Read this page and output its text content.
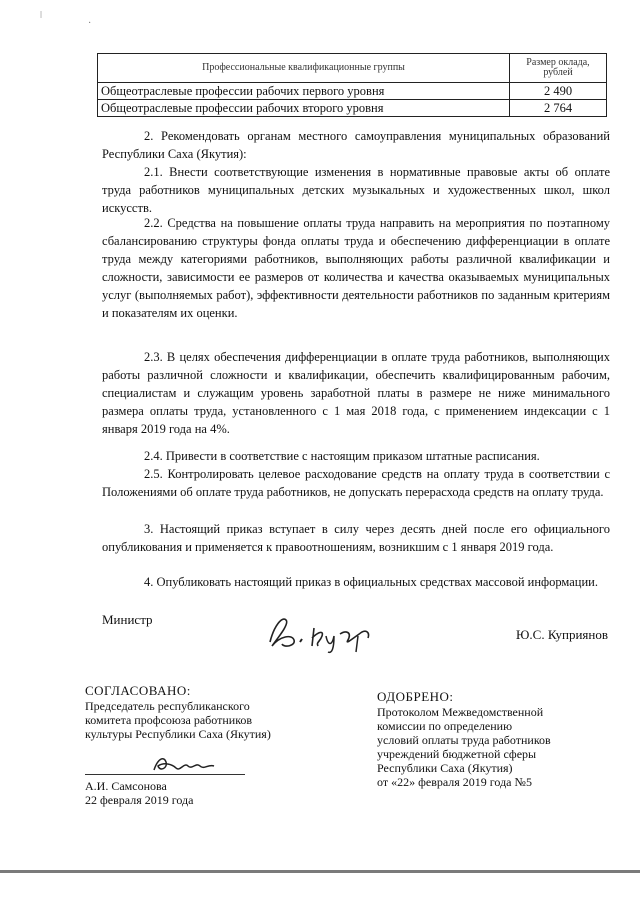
ǀ
·
Профессиональные квалификационные группы	Размер оклада, рублей
Общеотраслевые профессии рабочих первого уровня	2 490
Общеотраслевые профессии рабочих второго уровня	2 764

2. Рекомендовать органам местного самоуправления муниципальных образований Республики Саха (Якутия):

2.1. Внести соответствующие изменения в нормативные правовые акты об оплате труда работников муниципальных детских музыкальных и художественных школ, школ искусств.

2.2. Средства на повышение оплаты труда направить на мероприятия по поэтапному сбалансированию структуры фонда оплаты труда и обеспечению дифференциации в оплате труда между категориями работников, выполняющих работы различной квалификации и сложности, зависимости ее размеров от количества и качества оказываемых муниципальных услуг (выполняемых работ), эффективности деятельности работников по заданным критериям и показателям их оценки.

2.3. В целях обеспечения дифференциации в оплате труда работников, выполняющих работы различной сложности и квалификации, обеспечить квалифицированным рабочим, специалистам и служащим уровень заработной платы в размере не ниже минимального размера оплаты труда, установленного с 1 мая 2018 года, с применением индексации с 1 января 2019 года на 4%.

2.4. Привести в соответствие с настоящим приказом штатные расписания.

2.5. Контролировать целевое расходование средств на оплату труда в соответствии с Положениями об оплате труда работников, не допускать перерасхода средств на оплату труда.

3. Настоящий приказ вступает в силу через десять дней после его официального опубликования и применяется к правоотношениям, возникшим с 1 января 2019 года.

4. Опубликовать настоящий приказ в официальных средствах массовой информации.

Министр
Ю.С. Куприянов
СОГЛАСОВАНО:
Председатель республиканского
комитета профсоюза работников
культуры Республики Саха (Якутия)
А.И. Самсонова
22 февраля 2019 года
ОДОБРЕНО:
Протоколом Межведомственной
комиссии по определению
условий оплаты труда работников
учреждений бюджетной сферы
Республики Саха (Якутия)
от «22» февраля 2019 года №5
